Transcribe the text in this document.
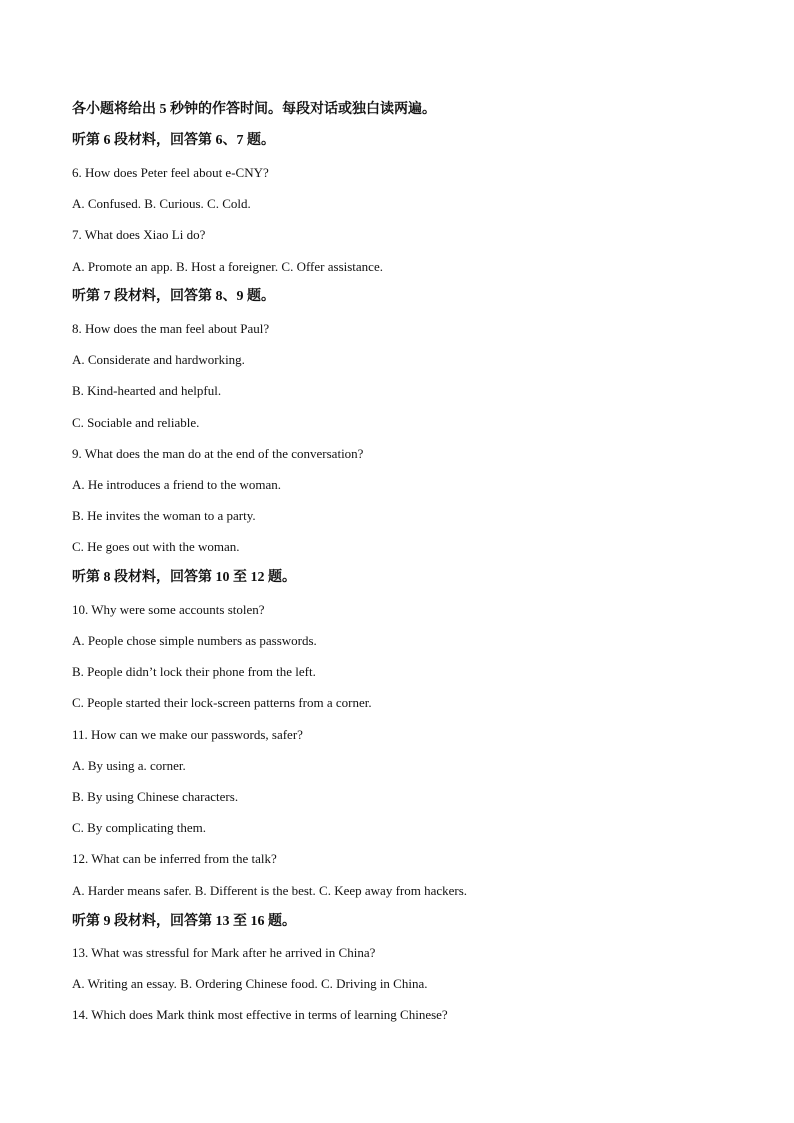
各小题将给出 5 秒钟的作答时间。每段对话或独白读两遍。
听第 6 段材料，回答第 6、7 题。
6. How does Peter feel about e-CNY?
A. Confused. B. Curious. C. Cold.
7. What does Xiao Li do?
A. Promote an app. B. Host a foreigner. C. Offer assistance.
听第 7 段材料，回答第 8、9 题。
8. How does the man feel about Paul?
A. Considerate and hardworking.
B. Kind-hearted and helpful.
C. Sociable and reliable.
9. What does the man do at the end of the conversation?
A. He introduces a friend to the woman.
B. He invites the woman to a party.
C. He goes out with the woman.
听第 8 段材料，回答第 10 至 12 题。
10. Why were some accounts stolen?
A. People chose simple numbers as passwords.
B. People didn’t lock their phone from the left.
C. People started their lock-screen patterns from a corner.
11. How can we make our passwords, safer?
A. By using a. corner.
B. By using Chinese characters.
C. By complicating them.
12. What can be inferred from the talk?
A. Harder means safer. B. Different is the best. C. Keep away from hackers.
听第 9 段材料，回答第 13 至 16 题。
13. What was stressful for Mark after he arrived in China?
A. Writing an essay. B. Ordering Chinese food. C. Driving in China.
14. Which does Mark think most effective in terms of learning Chinese?
